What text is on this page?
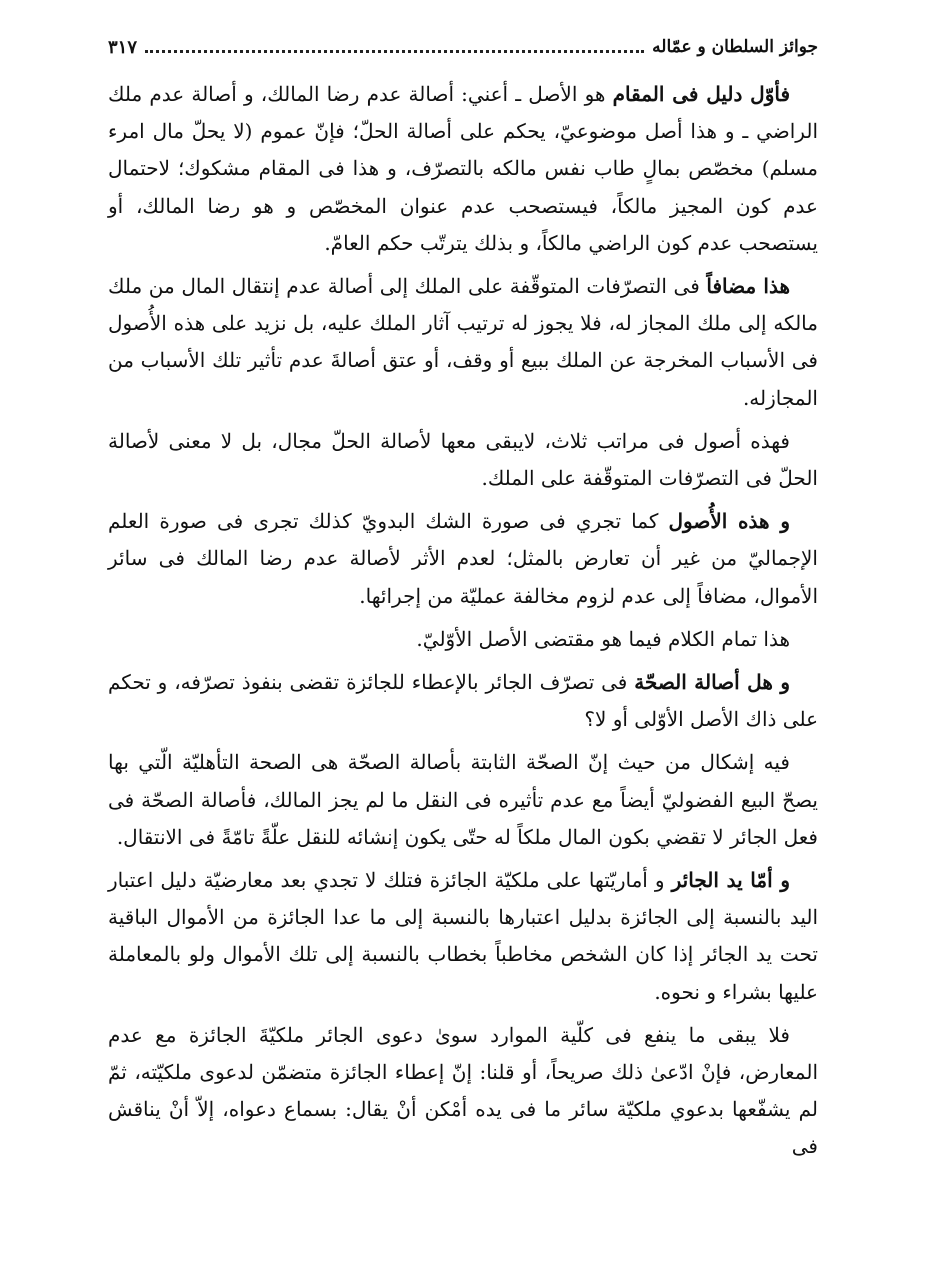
جوائز السلطان و عمّاله
٣١٧

فأوّل دليل فى المقام هو الأصل ـ أعني: أصالة عدم رضا المالك، و أصالة عدم ملك الراضي ـ و هذا أصل موضوعيّ، يحكم على أصالة الحلّ؛ فإنّ عموم (لا يحلّ مال امرء مسلم) مخصّص بمالٍ طاب نفس مالكه بالتصرّف، و هذا فى المقام مشكوك؛ لاحتمال عدم كون المجيز مالكاً، فيستصحب عدم عنوان المخصّص و هو رضا المالك، أو يستصحب عدم كون الراضي مالكاً، و بذلك يترتّب حكم العامّ.

هذا مضافاً فى التصرّفات المتوقّفة على الملك إلى أصالة عدم إنتقال المال من ملك مالكه إلى ملك المجاز له، فلا يجوز له ترتيب آثار الملك عليه، بل نزيد على هذه الأُصول فى الأسباب المخرجة عن الملك ببيع أو وقف، أو عتق أصالةَ عدم تأثير تلك الأسباب من المجازله.

فهذه أصول فى مراتب ثلاث، لايبقى معها لأصالة الحلّ مجال، بل لا معنى لأصالة الحلّ فى التصرّفات المتوقّفة على الملك.

و هذه الأُصول كما تجري فى صورة الشك البدويّ كذلك تجرى فى صورة العلم الإجماليّ من غير أن تعارض بالمثل؛ لعدم الأثر لأصالة عدم رضا المالك فى سائر الأموال، مضافاً إلى عدم لزوم مخالفة عمليّة من إجرائها.

هذا تمام الكلام فيما هو مقتضى الأصل الأوّليّ.

و هل أصالة الصحّة فى تصرّف الجائر بالإعطاء للجائزة تقضى بنفوذ تصرّفه، و تحكم على ذاك الأصل الأوّلى أو لا؟

فيه إشكال من حيث إنّ الصحّة الثابتة بأصالة الصحّة هى الصحة التأهليّة الّتي بها يصحّ البيع الفضوليّ أيضاً مع عدم تأثيره فى النقل ما لم يجز المالك، فأصالة الصحّة فى فعل الجائر لا تقضي بكون المال ملكاً له حتّى يكون إنشائه للنقل علّةً تامّةً فى الانتقال.

و أمّا يد الجائر و أماريّتها على ملكيّة الجائزة فتلك لا تجدي بعد معارضيّة دليل اعتبار اليد بالنسبة إلى الجائزة بدليل اعتبارها بالنسبة إلى ما عدا الجائزة من الأموال الباقية تحت يد الجائر إذا كان الشخص مخاطباً بخطاب بالنسبة إلى تلك الأموال ولو بالمعاملة عليها بشراء و نحوه.

فلا يبقى ما ينفع فى كلّية الموارد سوىٰ دعوى الجائر ملكيّةَ الجائزة مع عدم المعارض، فإنْ ادّعىٰ ذلك صريحاً، أو قلنا: إنّ إعطاء الجائزة متضمّن لدعوى ملكيّته، ثمّ لم يشفّعها بدعوي ملكيّة سائر ما فى يده أمْكن أنْ يقال: بسماع دعواه، إلاّ أنْ يناقش فى
